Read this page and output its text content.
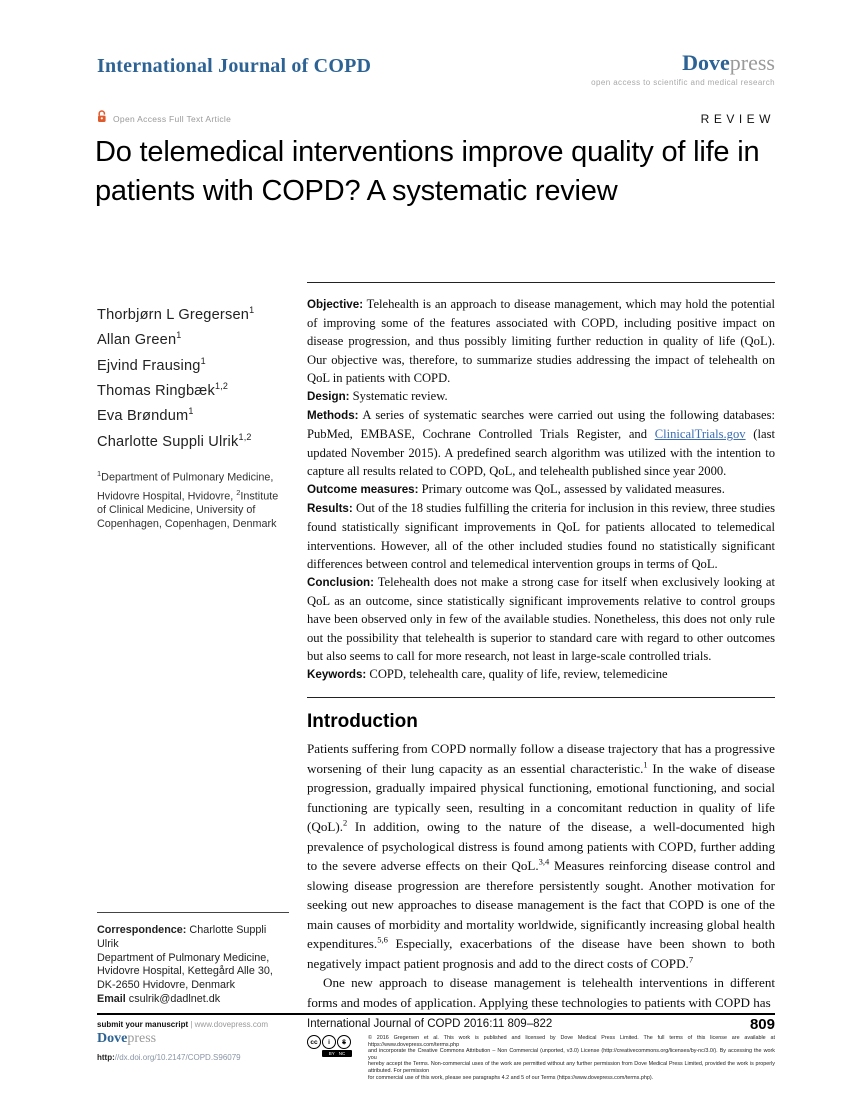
International Journal of COPD	Dovepress
open access to scientific and medical research
Open Access Full Text Article	REVIEW
Do telemedical interventions improve quality of life in patients with COPD? A systematic review
Thorbjørn L Gregersen$^1$
Allan Green$^1$
Ejvind Frausing$^1$
Thomas Ringbæk$^{1,2}$
Eva Brøndum$^1$
Charlotte Suppli Ulrik$^{1,2}$
$^1$Department of Pulmonary Medicine, Hvidovre Hospital, Hvidovre, $^2$Institute of Clinical Medicine, University of Copenhagen, Copenhagen, Denmark
Correspondence: Charlotte Suppli Ulrik
Department of Pulmonary Medicine,
Hvidovre Hospital, Kettegård Alle 30,
DK-2650 Hvidovre, Denmark
Email csulrik@dadlnet.dk

Objective: Telehealth is an approach to disease management, which may hold the potential of improving some of the features associated with COPD, including positive impact on disease progression, and thus possibly limiting further reduction in quality of life (QoL). Our objective was, therefore, to summarize studies addressing the impact of telehealth on QoL in patients with COPD.

Design: Systematic review.

Methods: A series of systematic searches were carried out using the following databases: PubMed, EMBASE, Cochrane Controlled Trials Register, and ClinicalTrials.gov (last updated November 2015). A predefined search algorithm was utilized with the intention to capture all results related to COPD, QoL, and telehealth published since year 2000.

Outcome measures: Primary outcome was QoL, assessed by validated measures.

Results: Out of the 18 studies fulfilling the criteria for inclusion in this review, three studies found statistically significant improvements in QoL for patients allocated to telemedical interventions. However, all of the other included studies found no statistically significant differences between control and telemedical intervention groups in terms of QoL.

Conclusion: Telehealth does not make a strong case for itself when exclusively looking at QoL as an outcome, since statistically significant improvements relative to control groups have been observed only in few of the available studies. Nonetheless, this does not only rule out the possibility that telehealth is superior to standard care with regard to other outcomes but also seems to call for more research, not least in large-scale controlled trials.

Keywords: COPD, telehealth care, quality of life, review, telemedicine

Introduction

Patients suffering from COPD normally follow a disease trajectory that has a progressive worsening of their lung capacity as an essential characteristic.$^1$ In the wake of disease progression, gradually impaired physical functioning, emotional functioning, and social functioning are typically seen, resulting in a concomitant reduction in quality of life (QoL).$^2$ In addition, owing to the nature of the disease, a well-documented high prevalence of psychological distress is found among patients with COPD, further adding to the severe adverse effects on their QoL.$^{3,4}$ Measures reinforcing disease control and slowing disease progression are therefore persistently sought. Another motivation for seeking out new approaches to disease management is the fact that COPD is one of the main causes of morbidity and mortality worldwide, significantly increasing global health expenditures.$^{5,6}$ Especially, exacerbations of the disease have been shown to both negatively impact patient prognosis and add to the direct costs of COPD.$^7$

One new approach to disease management is telehealth interventions in different forms and modes of application. Applying these technologies to patients with COPD has

submit your manuscript | www.dovepress.com
Dovepress
http://dx.doi.org/10.2147/COPD.S96079
International Journal of COPD 2016:11 809–822	809
cc	i	$
BY NC
© 2016 Gregersen et al. This work is published and licensed by Dove Medical Press Limited. The full terms of this license are available at https://www.dovepress.com/terms.php
and incorporate the Creative Commons Attribution – Non Commercial (unported, v3.0) License (http://creativecommons.org/licenses/by-nc/3.0/). By accessing the work you
hereby accept the Terms. Non-commercial uses of the work are permitted without any further permission from Dove Medical Press Limited, provided the work is properly attributed. For permission
for commercial use of this work, please see paragraphs 4.2 and 5 of our Terms (https://www.dovepress.com/terms.php).
